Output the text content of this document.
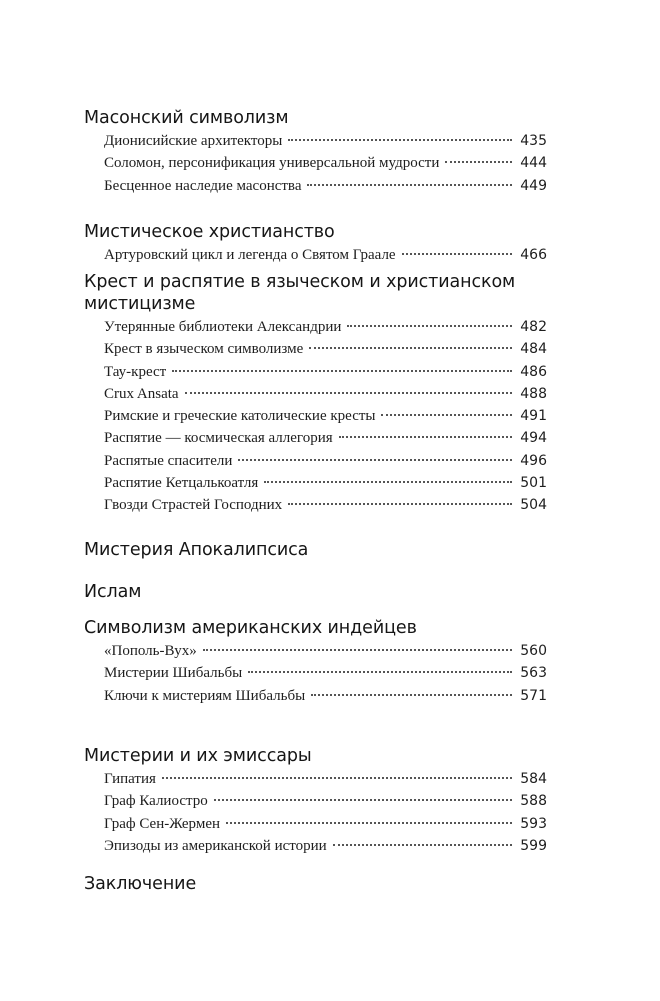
Масонский символизм
Дионисийские архитекторы	435
Соломон, персонификация универсальной мудрости	444
Бесценное наследие масонства	449
Мистическое христианство
Артуровский цикл и легенда о Святом Граале	466
Крест и распятие в языческом и христианском
мистицизме
Утерянные библиотеки Александрии	482
Крест в языческом символизме	484
Тау-крест	486
Crux Ansata	488
Римские и греческие католические кресты	491
Распятие — космическая аллегория	494
Распятые спасители	496
Распятие Кетцалькоатля	501
Гвозди Страстей Господних	504
Мистерия Апокалипсиса
Ислам
Символизм американских индейцев
«Пополь-Вух»	560
Мистерии Шибальбы	563
Ключи к мистериям Шибальбы	571
Мистерии и их эмиссары
Гипатия	584
Граф Калиостро	588
Граф Сен-Жермен	593
Эпизоды из американской истории	599
Заключение
